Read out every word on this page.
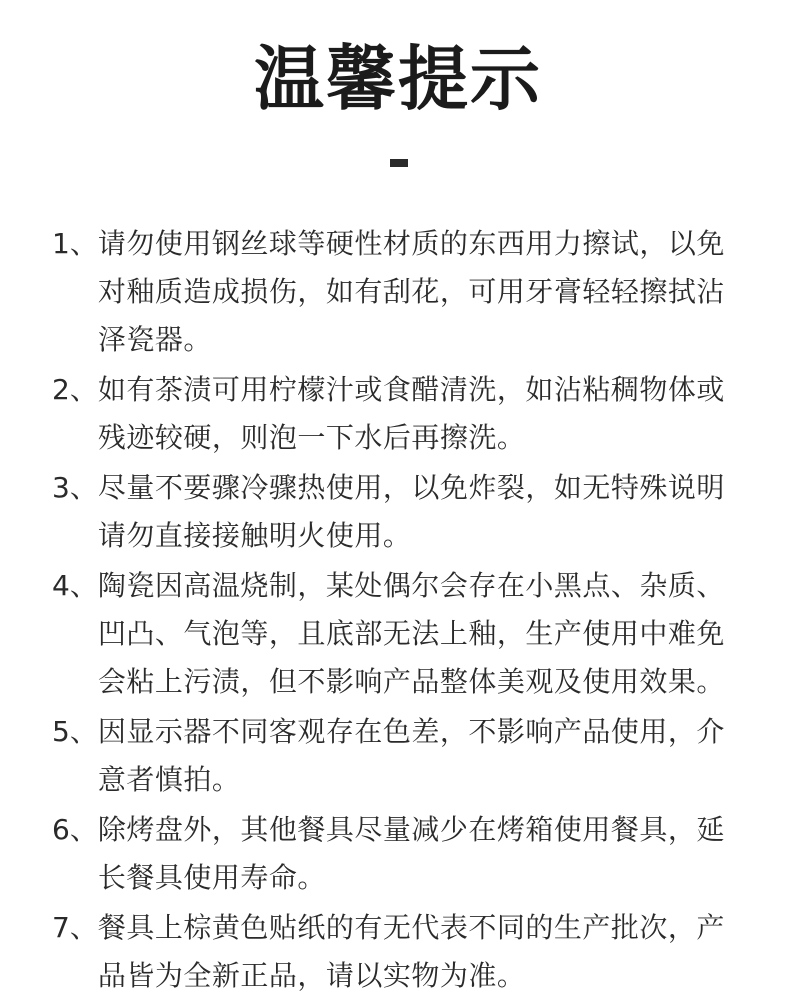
温馨提示
1、 请勿使用钢丝球等硬性材质的东西用力擦试，以免对釉质造成损伤，如有刮花，可用牙膏轻轻擦拭沾泽瓷器。
2、 如有茶渍可用柠檬汁或食醋清洗，如沾粘稠物体或残迹较硬，则泡一下水后再擦洗。
3、 尽量不要骤冷骤热使用，以免炸裂，如无特殊说明请勿直接接触明火使用。
4、 陶瓷因高温烧制，某处偶尔会存在小黑点、杂质、凹凸、气泡等，且底部无法上釉，生产使用中难免会粘上污渍，但不影响产品整体美观及使用效果。
5、 因显示器不同客观存在色差，不影响产品使用，介意者慎拍。
6、 除烤盘外，其他餐具尽量减少在烤箱使用餐具，延长餐具使用寿命。
7、 餐具上棕黄色贴纸的有无代表不同的生产批次，产品皆为全新正品，请以实物为准。
